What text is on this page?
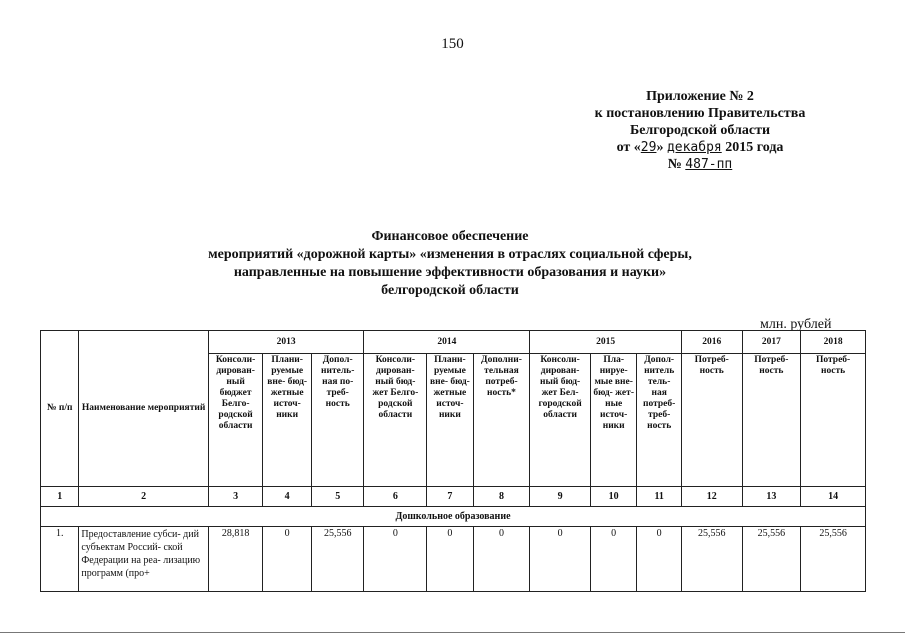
150
Приложение № 2
к постановлению Правительства
Белгородской области
от «29» декабря 2015 года
№ 487-пп
Финансовое обеспечение
мероприятий «дорожной карты» «изменения в отраслях социальной сферы,
направленные на повышение эффективности образования и науки»
белгородской области
млн. рублей
№ п/п	Наименование мероприятий	2013			2014			2015			2016	2017	2018
		Консоли- дирован- ный бюджет Белго- родской области	Плани- руемые вне- бюд- жетные источ- ники	Допол- нитель- ная по- треб- ность	Консоли- дирован- ный бюд- жет Белго- родской области	Плани- руемые вне- бюд- жетные источ- ники	Дополни- тельная потреб- ность*	Консоли- дирован- ный бюд- жет Бел- городской области	Пла- нируе- мые вне- бюд- жет- ные источ- ники	Допол- нитель тель- ная потреб- треб- ность	Потреб- ность	Потреб- ность	Потреб- ность
1	2	3	4	5	6	7	8	9	10	11	12	13	14
Дошкольное образование													
1.	Предоставление субси- дий субъектам Россий- ской Федерации на реа- лизацию программ (про+	28,818	0	25,556	0	0	0	0	0	0	25,556	25,556	25,556
